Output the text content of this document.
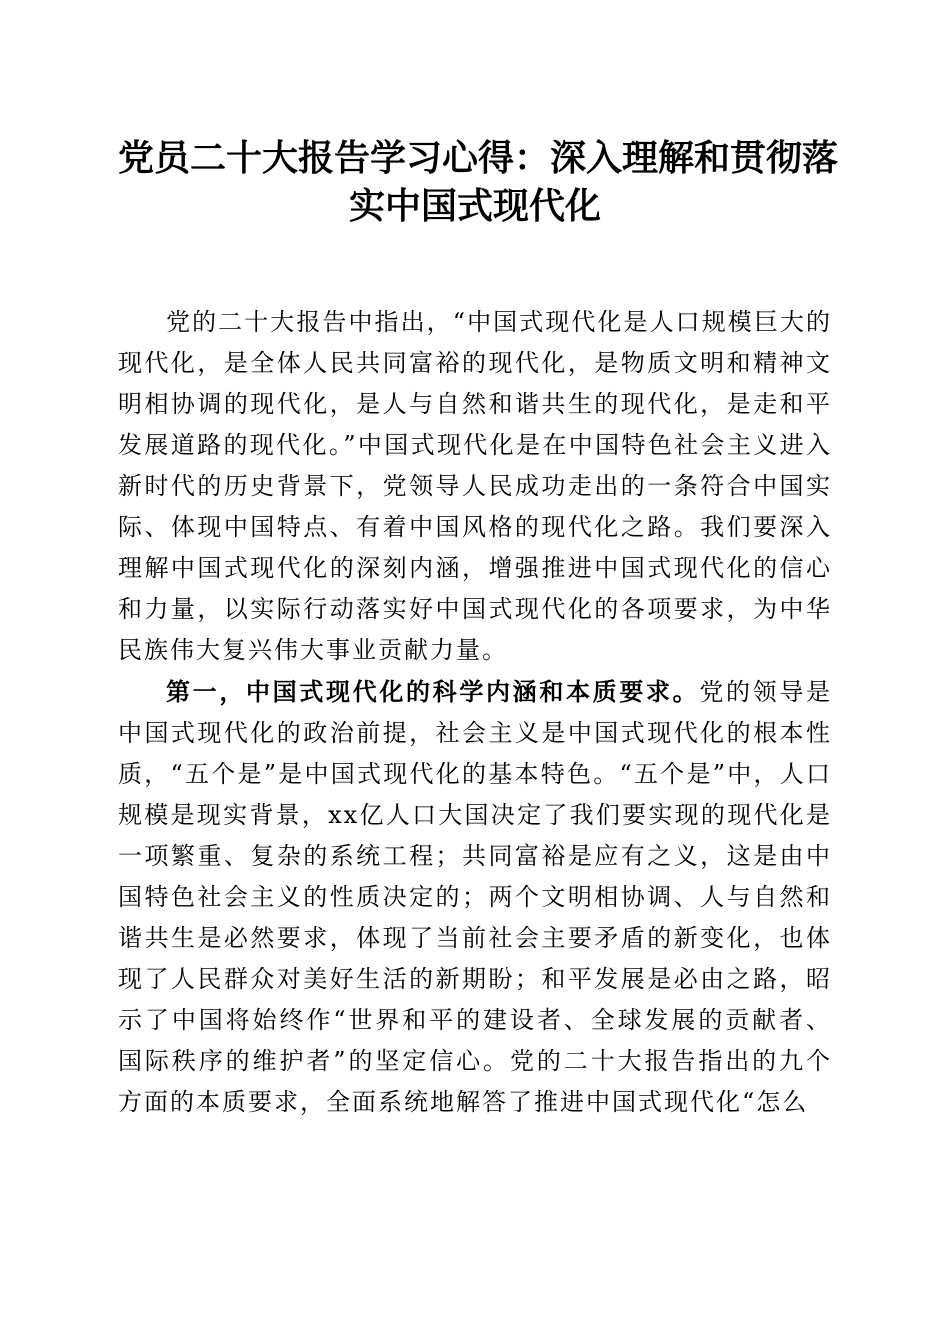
党员二十大报告学习心得：深入理解和贯彻落
实中国式现代化

党的二十大报告中指出，“中国式现代化是人口规模巨大的现代化，是全体人民共同富裕的现代化，是物质文明和精神文明相协调的现代化，是人与自然和谐共生的现代化，是走和平发展道路的现代化。”中国式现代化是在中国特色社会主义进入新时代的历史背景下，党领导人民成功走出的一条符合中国实际、体现中国特点、有着中国风格的现代化之路。我们要深入理解中国式现代化的深刻内涵，增强推进中国式现代化的信心和力量，以实际行动落实好中国式现代化的各项要求，为中华民族伟大复兴伟大事业贡献力量。

第一，中国式现代化的科学内涵和本质要求。党的领导是中国式现代化的政治前提，社会主义是中国式现代化的根本性质，“五个是”是中国式现代化的基本特色。“五个是”中，人口规模是现实背景，xx亿人口大国决定了我们要实现的现代化是一项繁重、复杂的系统工程；共同富裕是应有之义，这是由中国特色社会主义的性质决定的；两个文明相协调、人与自然和谐共生是必然要求，体现了当前社会主要矛盾的新变化，也体现了人民群众对美好生活的新期盼；和平发展是必由之路，昭示了中国将始终作“世界和平的建设者、全球发展的贡献者、国际秩序的维护者”的坚定信心。党的二十大报告指出的九个方面的本质要求，全面系统地解答了推进中国式现代化“怎么
